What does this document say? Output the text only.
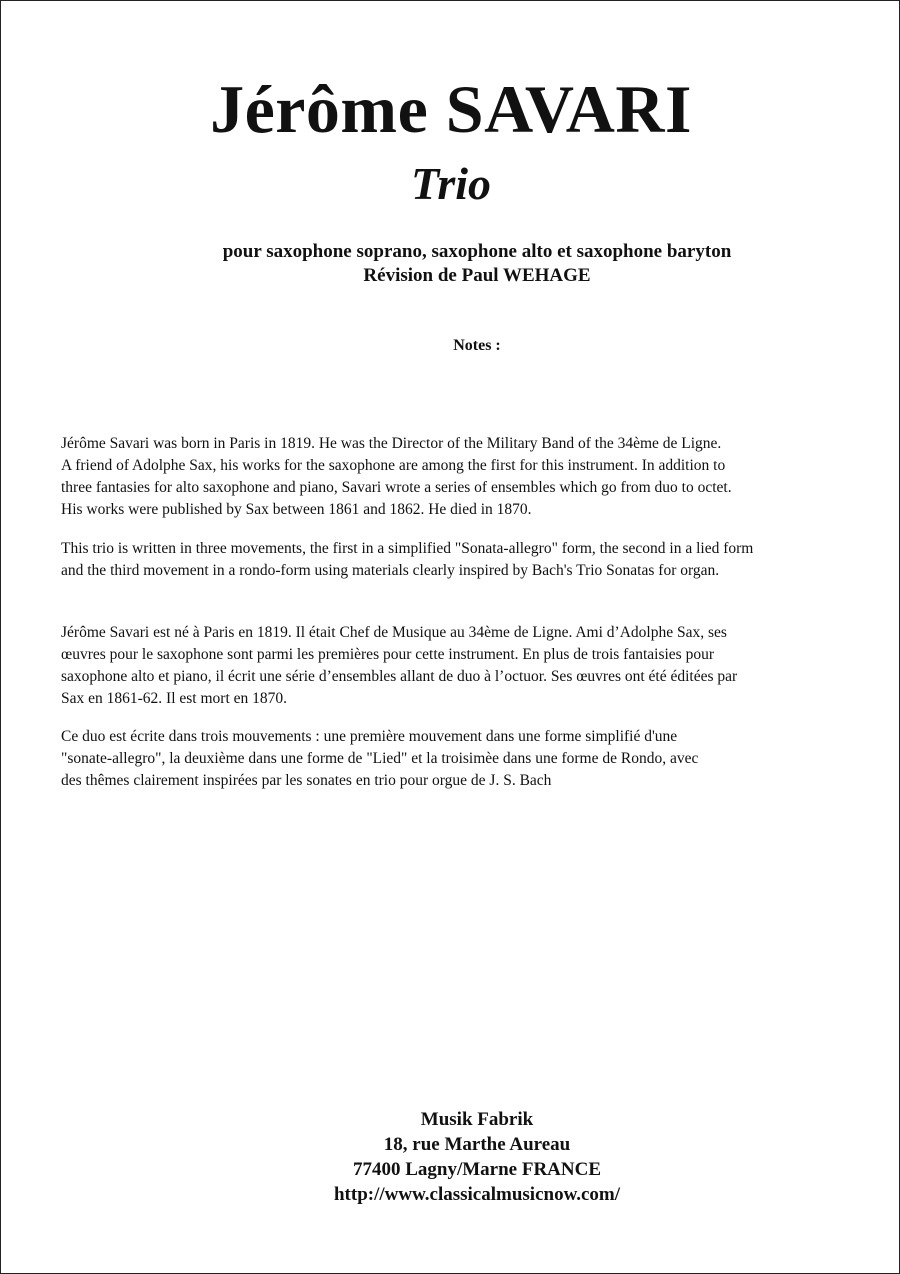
Jérôme SAVARI
Trio
pour saxophone soprano, saxophone alto et saxophone baryton
Révision de Paul WEHAGE
Notes :
Jérôme Savari was born in Paris in 1819. He was the Director of the Military Band of the 34ème de Ligne.
A friend of Adolphe Sax, his works for the saxophone are among the first for this instrument. In addition to
three fantasies for alto saxophone and piano, Savari wrote a series of ensembles which go from duo to octet.
His works were published by Sax between 1861 and 1862. He died in 1870.
This trio is written in three movements, the first in a simplified "Sonata-allegro" form, the second in a lied form
and the third movement in a rondo-form using materials clearly inspired by Bach's Trio Sonatas for organ.
Jérôme Savari est né à Paris en 1819. Il était Chef de Musique au 34ème de Ligne. Ami d’Adolphe Sax, ses
œuvres pour le saxophone sont parmi les premières pour cette instrument. En plus de trois fantaisies pour
saxophone alto et piano, il écrit une série d’ensembles allant de duo à l’octuor. Ses œuvres ont été éditées par
Sax en 1861-62. Il est mort en 1870.
Ce duo est écrite dans trois mouvements : une première mouvement dans une forme simplifié d'une
"sonate-allegro", la deuxième dans une forme de "Lied" et la troisimèe dans une forme de Rondo, avec
des thêmes clairement inspirées par les sonates en trio pour orgue de J. S. Bach
Musik Fabrik
18, rue Marthe Aureau
77400 Lagny/Marne FRANCE
http://www.classicalmusicnow.com/
